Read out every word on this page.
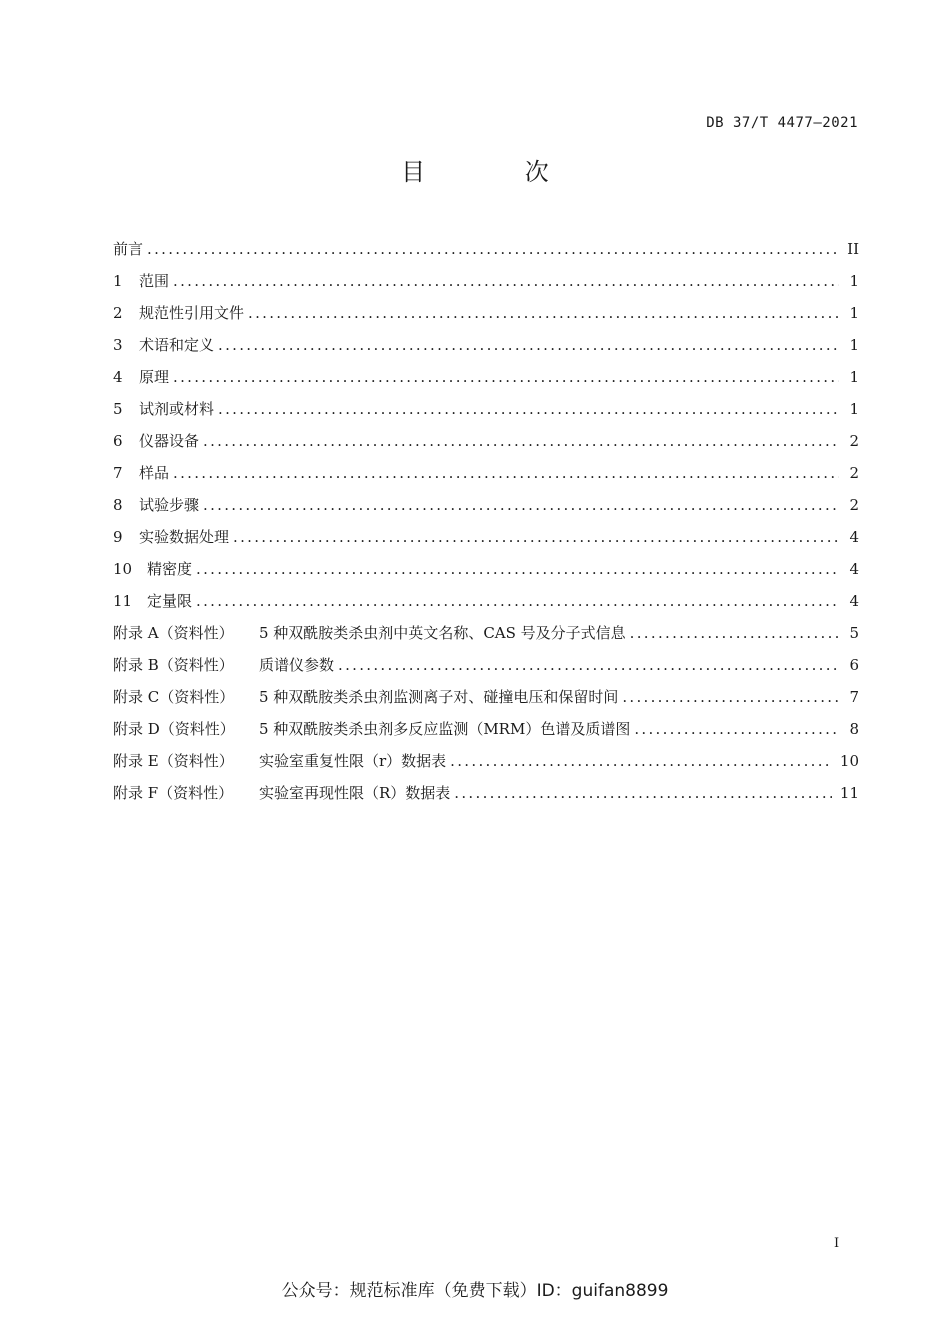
DB 37/T 4477—2021
目 次
前言 .....	II
1	范围 .....	1
2	规范性引用文件 .....	1
3	术语和定义 .....	1
4	原理 .....	1
5	试剂或材料 .....	1
6	仪器设备 .....	2
7	样品 .....	2
8	试验步骤 .....	2
9	实验数据处理 .....	4
10 精密度 .....	4
11 定量限 .....	4
附录 A（资料性）	5 种双酰胺类杀虫剂中英文名称、CAS 号及分子式信息 .....	5
附录 B（资料性）	质谱仪参数 .....	6
附录 C（资料性）	5 种双酰胺类杀虫剂监测离子对、碰撞电压和保留时间 .....	7
附录 D（资料性）	5 种双酰胺类杀虫剂多反应监测（MRM）色谱及质谱图 .....	8
附录 E（资料性）	实验室重复性限（r）数据表 .....	10
附录 F（资料性）	实验室再现性限（R）数据表 .....	11
I
公众号：规范标准库（免费下载）ID：guifan8899
